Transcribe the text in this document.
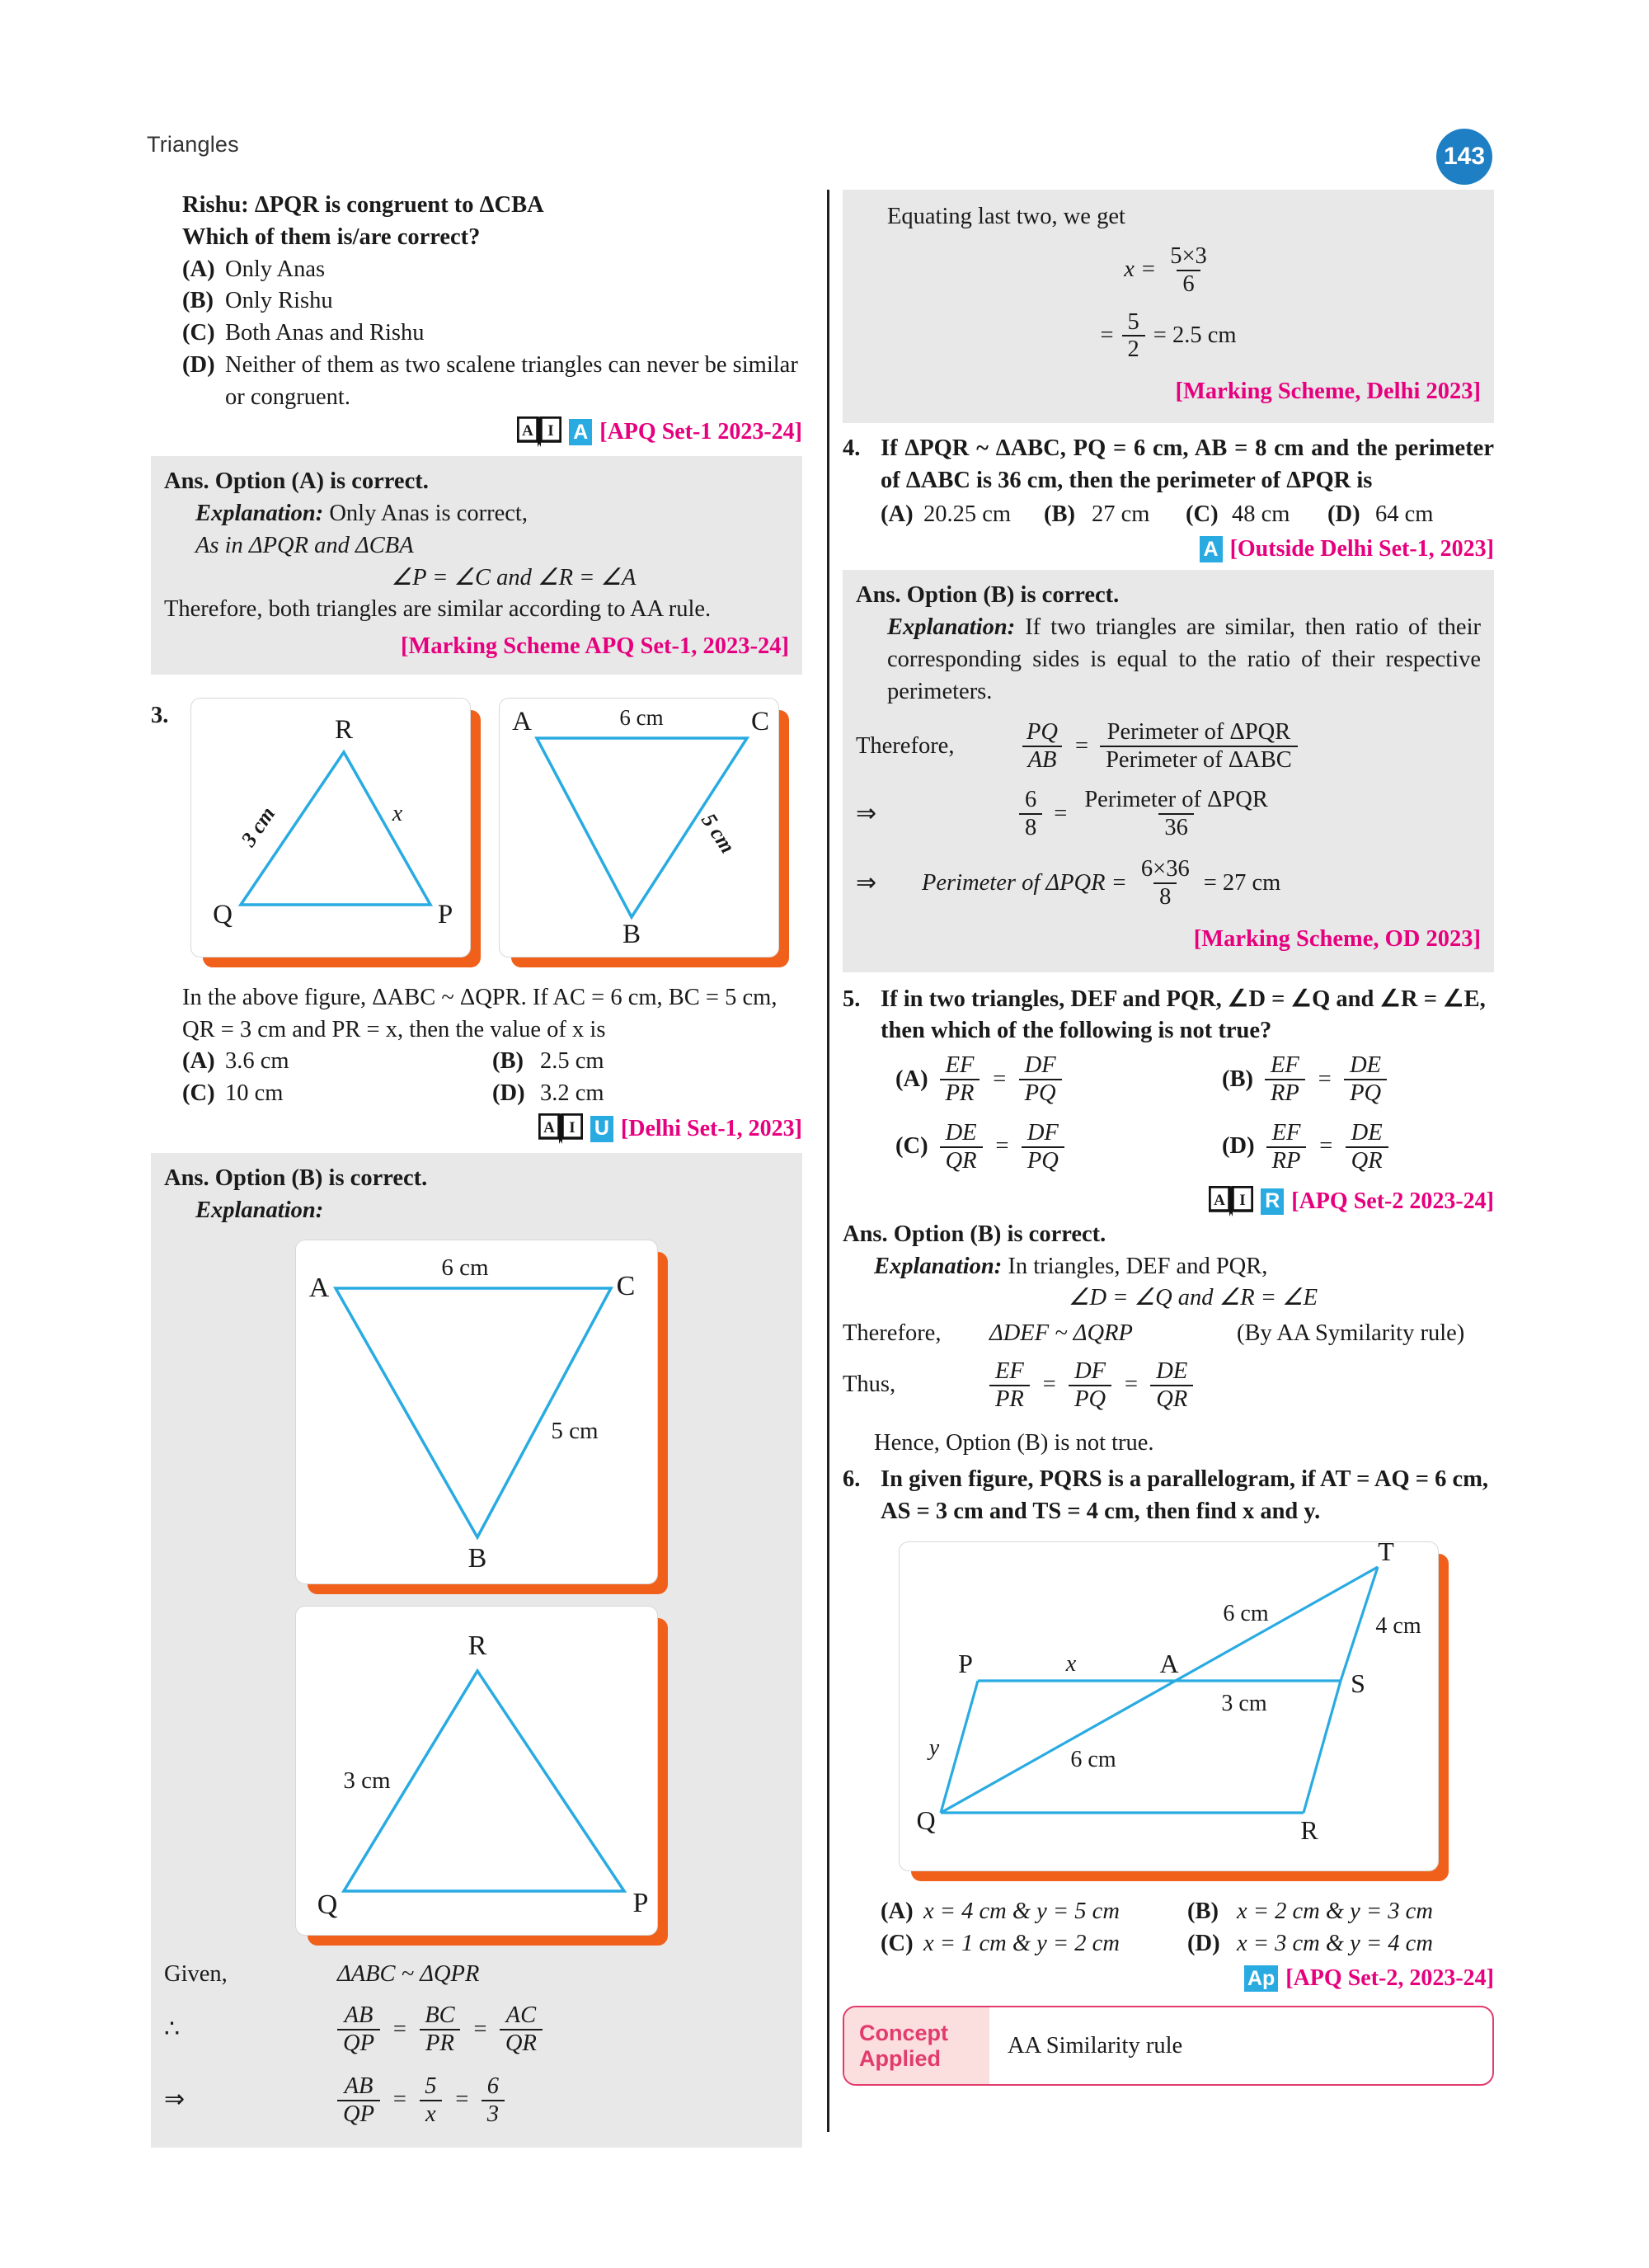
Triangles	143
Rishu: ΔPQR is congruent to ΔCBA
Which of them is/are correct?
(A) Only Anas
(B) Only Rishu
(C) Both Anas and Rishu
(D) Neither of them as two scalene triangles can never be similar or congruent.
A I A [APQ Set-1 2023-24]
Ans. Option (A) is correct.
Explanation: Only Anas is correct,
As in ΔPQR and ΔCBA
∠P = ∠C and ∠R = ∠A
Therefore, both triangles are similar according to AA rule.
[Marking Scheme APQ Set-1, 2023-24]
3.	R
Q	P
3 cm	x
A	C
B
6 cm
5 cm
In the above figure, ΔABC ~ ΔQPR. If AC = 6 cm, BC = 5 cm, QR = 3 cm and PR = x, then the value of x is
(A) 3.6 cm	(B) 2.5 cm
(C) 10 cm	(D) 3.2 cm
A I U [Delhi Set-1, 2023]
Ans. Option (B) is correct.
Explanation:
A	C
B
6 cm
5 cm
R
Q	P
3 cm
Given,	ΔABC ~ ΔQPR
∴	$\frac{AB}{QP} = \frac{BC}{PR} = \frac{AC}{QR}$
⇒	$\frac{AB}{QP} = \frac{5}{x} = \frac{6}{3}$
Equating last two, we get
$x = \frac{5\times 3}{6}$
= $\frac{5}{2} = 2.5$ cm
[Marking Scheme, Delhi 2023]
4. If ΔPQR ~ ΔABC, PQ = 6 cm, AB = 8 cm and the perimeter of ΔABC is 36 cm, then the perimeter of ΔPQR is
(A) 20.25 cm (B) 27 cm (C) 48 cm (D) 64 cm
A [Outside Delhi Set-1, 2023]
Ans. Option (B) is correct.
Explanation: If two triangles are similar, then ratio of their corresponding sides is equal to the ratio of their respective perimeters.
Therefore,	$\frac{PQ}{AB} = \frac{\text{Perimeter of ΔPQR}}{\text{Perimeter of ΔABC}}$
⇒	$\frac{6}{8} = \frac{\text{Perimeter of ΔPQR}}{36}$
⇒	Perimeter of $\Delta PQR = \frac{6\times 36}{8} = 27$ cm
[Marking Scheme, OD 2023]
5. If in two triangles, DEF and PQR, ∠D = ∠Q and ∠R = ∠E, then which of the following is not true?
$(A) \frac{EF}{PR} = \frac{DF}{PQ}$	$(B) \frac{EF}{RP} = \frac{DE}{PQ}$
$(C) \frac{DE}{QR} = \frac{DF}{PQ}$	$(D) \frac{EF}{RP} = \frac{DE}{QR}$
A I R [APQ Set-2 2023-24]
Ans. Option (B) is correct.
Explanation: In triangles, DEF and PQR,
∠D = ∠Q and ∠R = ∠E
Therefore,	ΔDEF ~ ΔQRP	(By AA Symilarity rule)
Thus,	$\frac{EF}{PR} = \frac{DF}{PQ} = \frac{DE}{QR}$
Hence, Option (B) is not true.
6. In given figure, PQRS is a parallelogram, if AT = AQ = 6 cm, AS = 3 cm and TS = 4 cm, then find x and y.
T
P	A
S
Q	R
6 cm	4 cm
x
3 cm
y	6 cm
(A) x = 4 cm & y = 5 cm	(B) x = 2 cm & y = 3 cm
(C) x = 1 cm & y = 2 cm	(D) x = 3 cm & y = 4 cm
Ap [APQ Set-2, 2023-24]
Concept
Applied	AA Similarity rule
